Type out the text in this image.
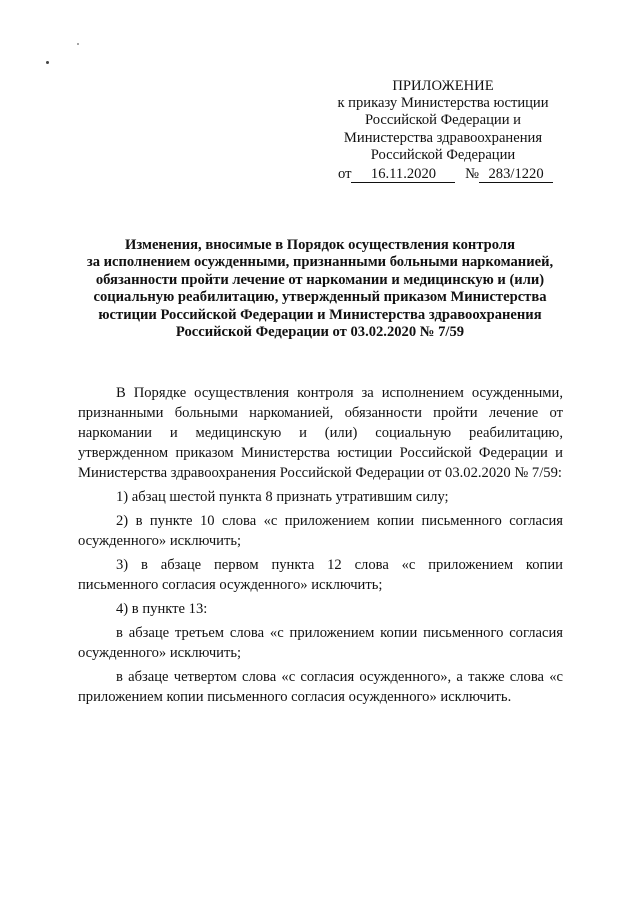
ПРИЛОЖЕНИЕ
к приказу Министерства юстиции
Российской Федерации и
Министерства здравоохранения
Российской Федерации
от 16.11.2020 № 283/1220
Изменения, вносимые в Порядок осуществления контроля
за исполнением осужденными, признанными больными наркоманией,
обязанности пройти лечение от наркомании и медицинскую и (или)
социальную реабилитацию, утвержденный приказом Министерства
юстиции Российской Федерации и Министерства здравоохранения
Российской Федерации от 03.02.2020 № 7/59

В Порядке осуществления контроля за исполнением осужденными, признанными больными наркоманией, обязанности пройти лечение от наркомании и медицинскую и (или) социальную реабилитацию, утвержденном приказом Министерства юстиции Российской Федерации и Министерства здравоохранения Российской Федерации от 03.02.2020 № 7/59:

1) абзац шестой пункта 8 признать утратившим силу;

2) в пункте 10 слова «с приложением копии письменного согласия осужденного» исключить;

3) в абзаце первом пункта 12 слова «с приложением копии письменного согласия осужденного» исключить;

4) в пункте 13:

в абзаце третьем слова «с приложением копии письменного согласия осужденного» исключить;

в абзаце четвертом слова «с согласия осужденного», а также слова «с приложением копии письменного согласия осужденного» исключить.
